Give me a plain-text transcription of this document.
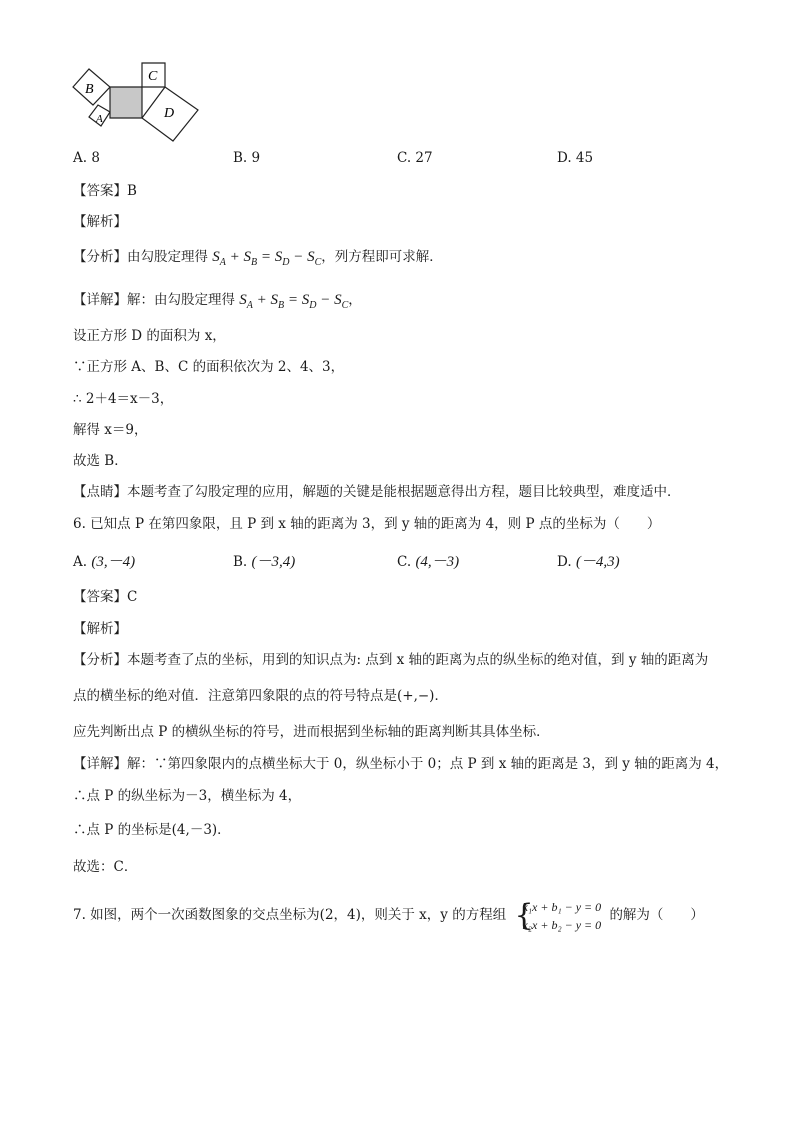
B
A
C
D
A. 8	B. 9	C. 27	D. 45
【答案】B
【解析】
【分析】由勾股定理得 $S_A + S_B = S_D - S_C$，列方程即可求解．
【详解】解：由勾股定理得 $S_A + S_B = S_D - S_C$，
设正方形 D 的面积为 x，
∵正方形 A、B、C 的面积依次为 2、4、3，
∴ 2＋4＝x－3，
解得 x＝9，
故选 B．
【点睛】本题考查了勾股定理的应用，解题的关键是能根据题意得出方程，题目比较典型，难度适中．
6. 已知点 P 在第四象限，且 P 到 x 轴的距离为 3，到 y 轴的距离为 4，则 P 点的坐标为（　　）
A. (3,－4)	B. (－3,4)	C. (4,－3)	D. (－4,3)
【答案】C
【解析】
【分析】本题考查了点的坐标，用到的知识点为: 点到 x 轴的距离为点的纵坐标的绝对值，到 y 轴的距离为
点的横坐标的绝对值．注意第四象限的点的符号特点是(+,−)．
应先判断出点 P 的横纵坐标的符号，进而根据到坐标轴的距离判断其具体坐标．
【详解】解：∵第四象限内的点横坐标大于 0，纵坐标小于 0；点 P 到 x 轴的距离是 3，到 y 轴的距离为 4，
∴点 P 的纵坐标为－3，横坐标为 4，
∴点 P 的坐标是(4,－3)．
故选：C．
7. 如图，两个一次函数图象的交点坐标为(2，4)，则关于 x，y 的方程组 {
k₁x + b₁ − y = 0
k₂x + b₂ − y = 0
的解为（　　）
